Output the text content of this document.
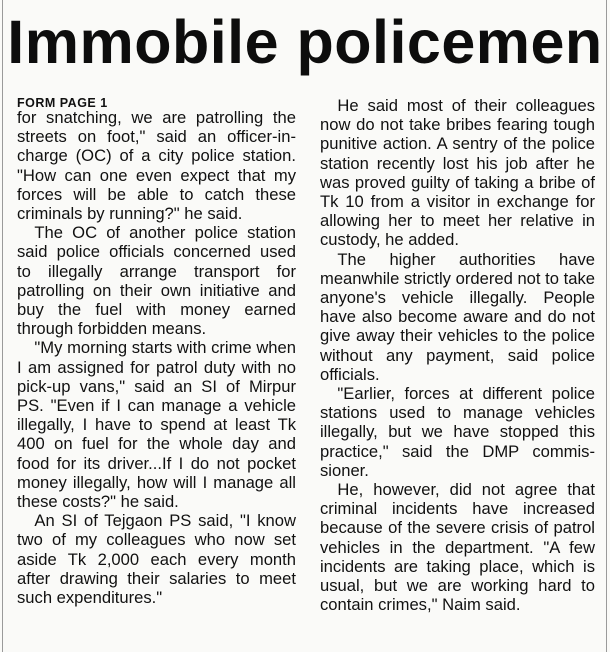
Immobile policemen
FORM PAGE 1

for snatching, we are patrolling the streets on foot," said an officer-in-charge (OC) of a city police station. "How can one even expect that my forces will be able to catch these criminals by running?" he said.

The OC of another police station said police officials concerned used to illegally arrange transport for patrolling on their own initiative and buy the fuel with money earned through forbidden means.

"My morning starts with crime when I am assigned for patrol duty with no pick-up vans," said an SI of Mirpur PS. "Even if I can manage a vehicle illegally, I have to spend at least Tk 400 on fuel for the whole day and food for its driver...If I do not pocket money illegally, how will I manage all these costs?" he said.

An SI of Tejgaon PS said, "I know two of my colleagues who now set aside Tk 2,000 each every month after drawing their salaries to meet such expenditures."

He said most of their colleagues now do not take bribes fearing tough punitive action. A sentry of the police station recently lost his job after he was proved guilty of taking a bribe of Tk 10 from a visitor in exchange for allowing her to meet her relative in custody, he added.

The higher authorities have meanwhile strictly ordered not to take anyone's vehicle illegally. People have also become aware and do not give away their vehicles to the police without any payment, said police officials.

"Earlier, forces at different police stations used to manage vehicles illegally, but we have stopped this practice," said the DMP commis-sioner.

He, however, did not agree that criminal incidents have increased because of the severe crisis of patrol vehicles in the department. "A few incidents are taking place, which is usual, but we are working hard to contain crimes," Naim said.
